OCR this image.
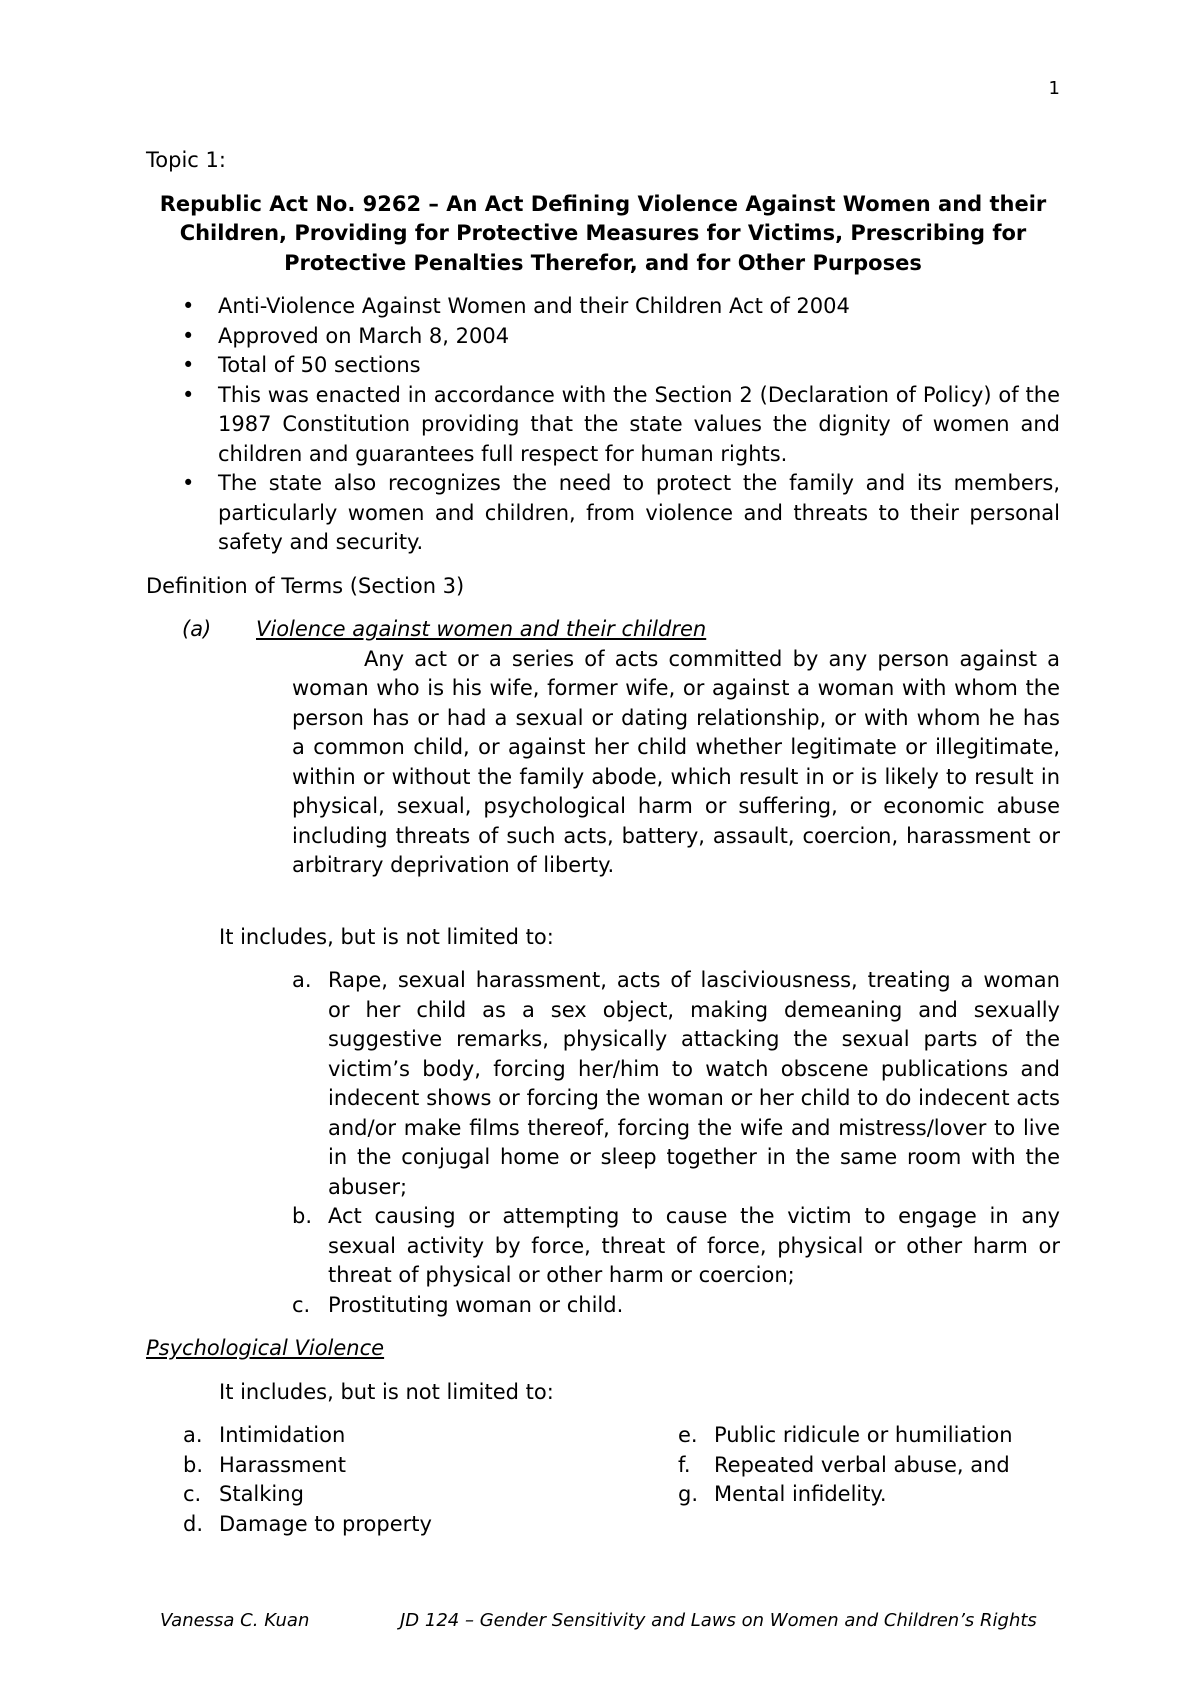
1
Topic 1:
Republic Act No. 9262 – An Act Defining Violence Against Women and their Children, Providing for Protective Measures for Victims, Prescribing for Protective Penalties Therefor, and for Other Purposes
• Anti-Violence Against Women and their Children Act of 2004
• Approved on March 8, 2004
• Total of 50 sections
• This was enacted in accordance with the Section 2 (Declaration of Policy) of the 1987 Constitution providing that the state values the dignity of women and children and guarantees full respect for human rights.
• The state also recognizes the need to protect the family and its members, particularly women and children, from violence and threats to their personal safety and security.
Definition of Terms (Section 3)
(a) Violence against women and their children
Any act or a series of acts committed by any person against a woman who is his wife, former wife, or against a woman with whom the person has or had a sexual or dating relationship, or with whom he has a common child, or against her child whether legitimate or illegitimate, within or without the family abode, which result in or is likely to result in physical, sexual, psychological harm or suffering, or economic abuse including threats of such acts, battery, assault, coercion, harassment or arbitrary deprivation of liberty.
It includes, but is not limited to:
a. Rape, sexual harassment, acts of lasciviousness, treating a woman or her child as a sex object, making demeaning and sexually suggestive remarks, physically attacking the sexual parts of the victim’s body, forcing her/him to watch obscene publications and indecent shows or forcing the woman or her child to do indecent acts and/or make films thereof, forcing the wife and mistress/lover to live in the conjugal home or sleep together in the same room with the abuser;
b. Act causing or attempting to cause the victim to engage in any sexual activity by force, threat of force, physical or other harm or threat of physical or other harm or coercion;
c. Prostituting woman or child.
Psychological Violence
It includes, but is not limited to:
a. Intimidation
b. Harassment
c. Stalking
d. Damage to property
e. Public ridicule or humiliation
f. Repeated verbal abuse, and
g. Mental infidelity.
Vanessa C. Kuan	JD 124 – Gender Sensitivity and Laws on Women and Children’s Rights
